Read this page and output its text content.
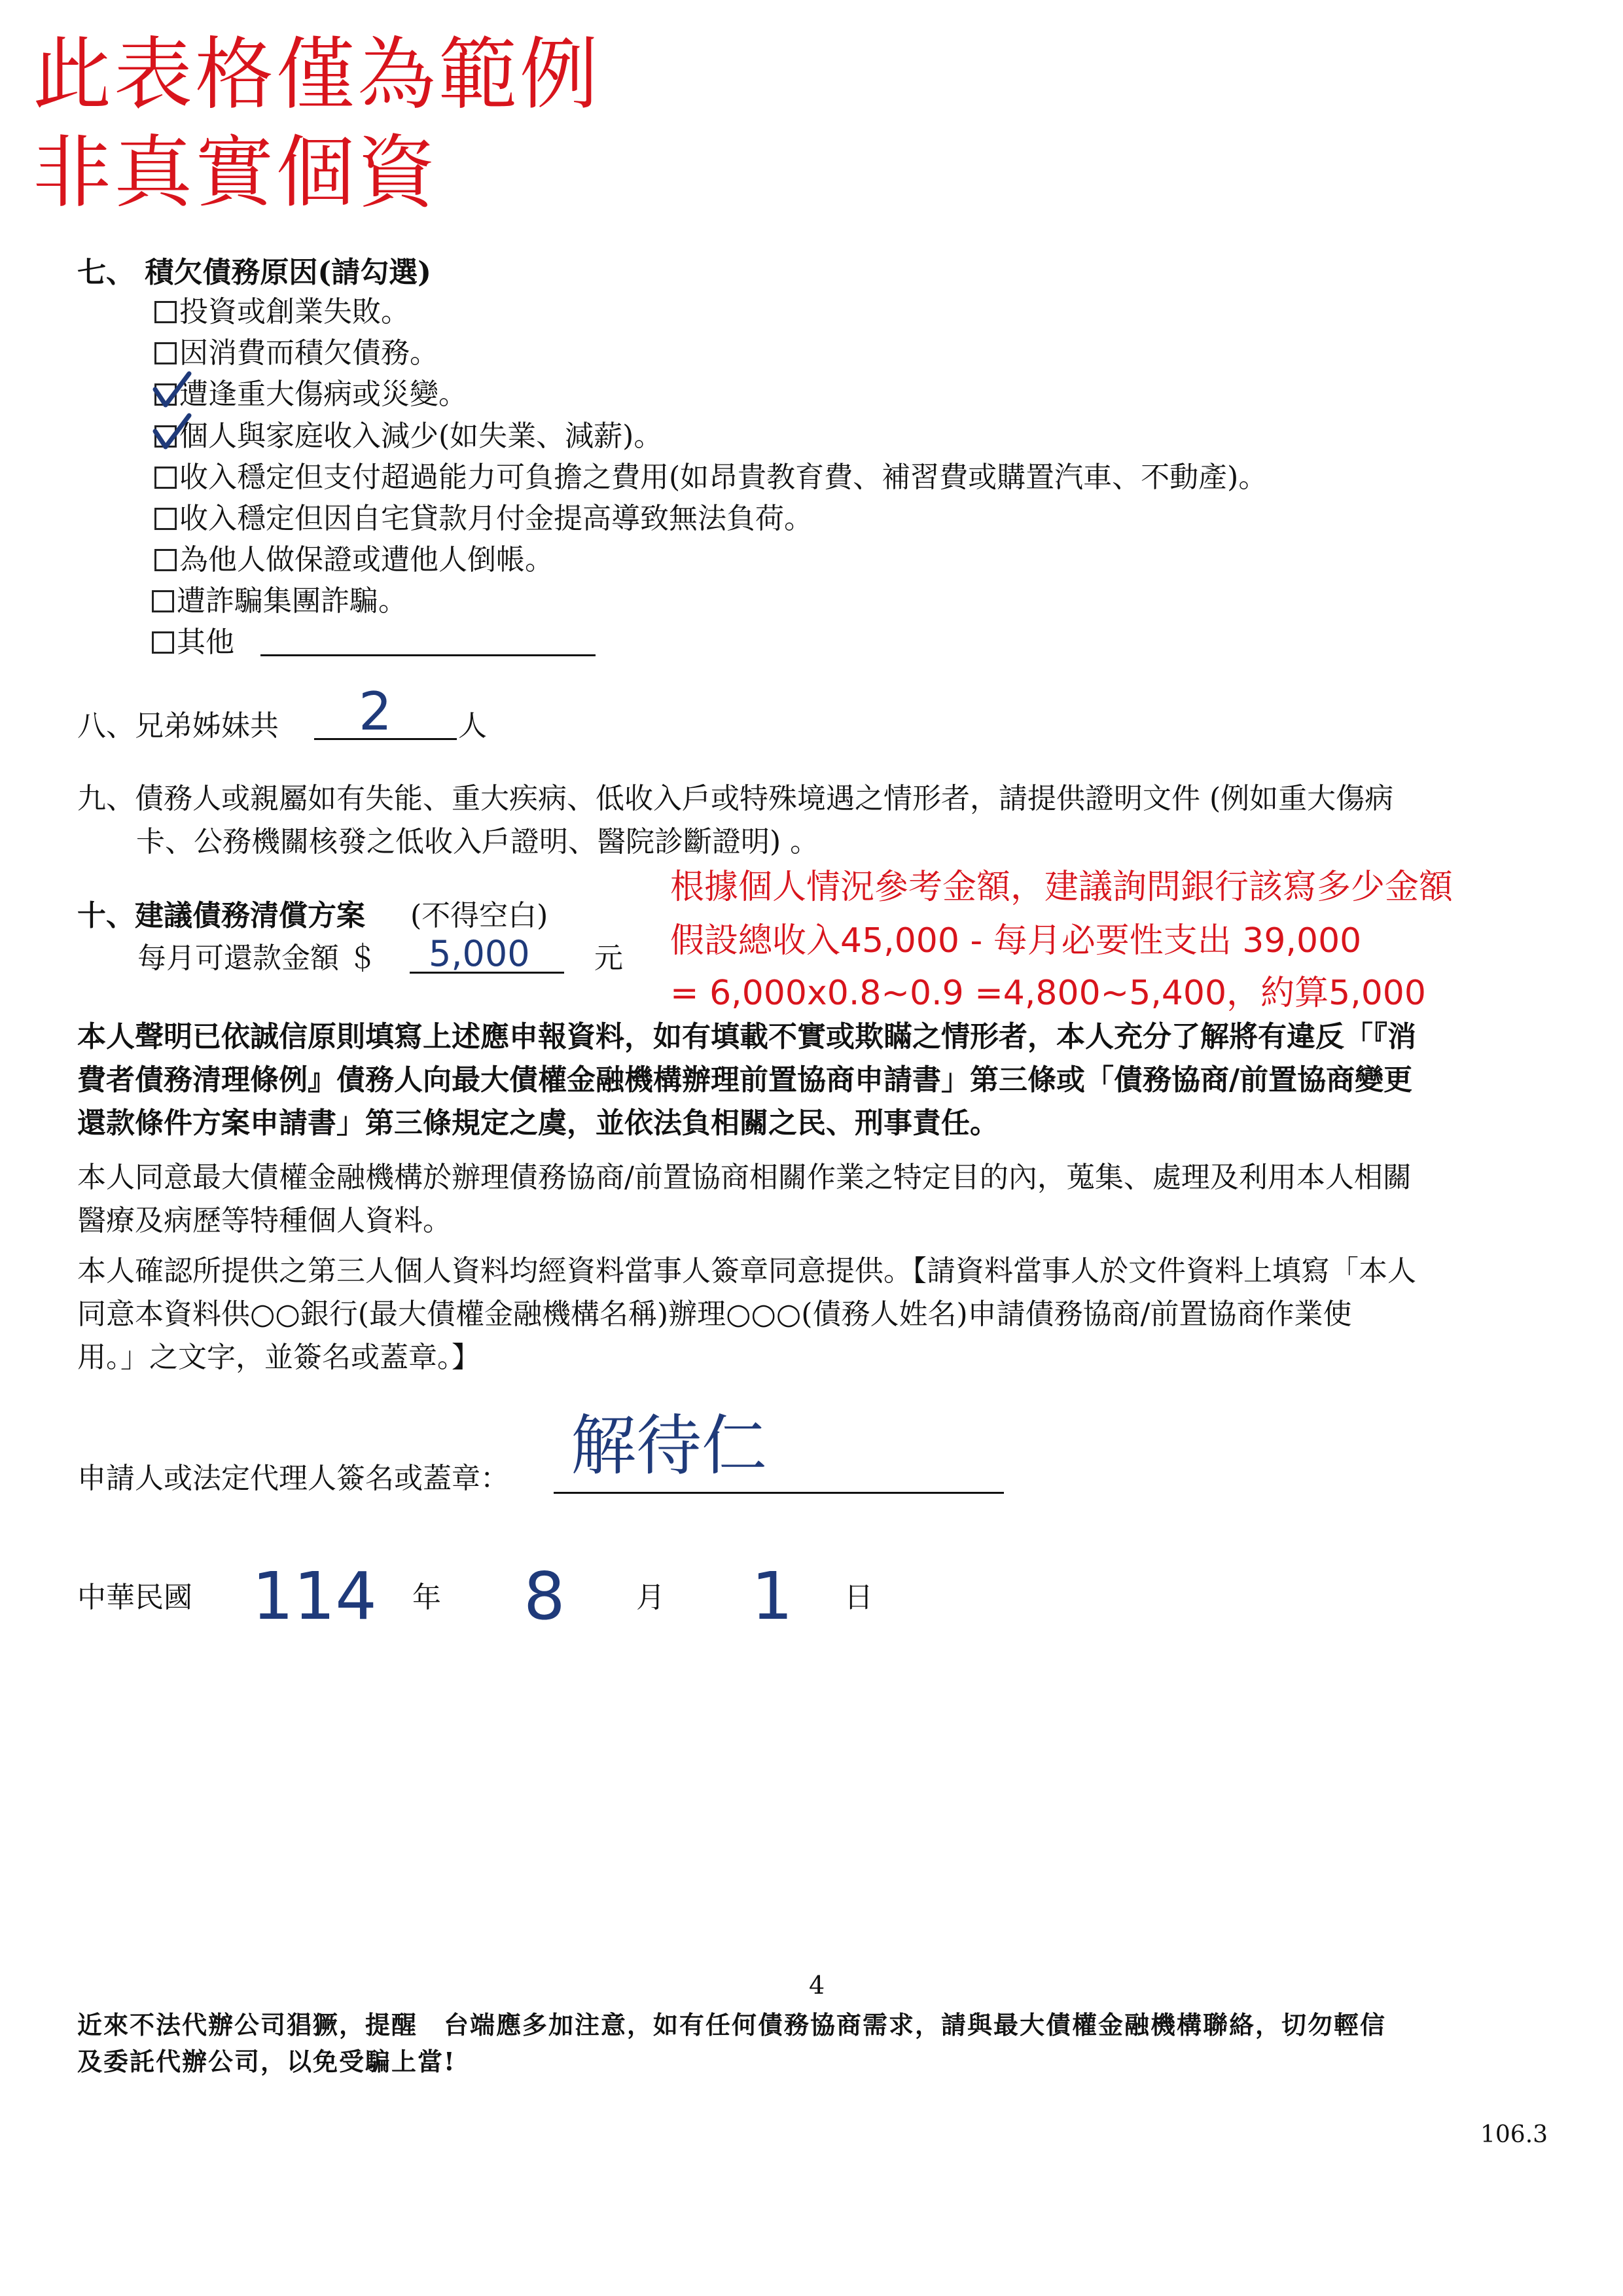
此表格僅為範例
非真實個資
七、 積欠債務原因(請勾選)
投資或創業失敗。
因消費而積欠債務。
遭逢重大傷病或災變。
個人與家庭收入減少(如失業、減薪)。
收入穩定但支付超過能力可負擔之費用(如昂貴教育費、補習費或購置汽車、不動產)。
收入穩定但因自宅貸款月付金提高導致無法負荷。
為他人做保證或遭他人倒帳。
遭詐騙集團詐騙。
其他
八、兄弟姊妹共 2 人
九、債務人或親屬如有失能、重大疾病、低收入戶或特殊境遇之情形者，請提供證明文件 (例如重大傷病
卡、公務機關核發之低收入戶證明、醫院診斷證明) 。
十、建議債務清償方案 (不得空白)
每月可還款金額 ＄ 5,000 元
根據個人情況參考金額，建議詢問銀行該寫多少金額
假設總收入45,000 - 每月必要性支出 39,000
= 6,000x0.8~0.9 =4,800~5,400，約算5,000
本人聲明已依誠信原則填寫上述應申報資料，如有填載不實或欺瞞之情形者，本人充分了解將有違反「『消
費者債務清理條例』債務人向最大債權金融機構辦理前置協商申請書」第三條或「債務協商/前置協商變更
還款條件方案申請書」第三條規定之虞，並依法負相關之民、刑事責任。
本人同意最大債權金融機構於辦理債務協商/前置協商相關作業之特定目的內，蒐集、處理及利用本人相關
醫療及病歷等特種個人資料。
本人確認所提供之第三人個人資料均經資料當事人簽章同意提供。【請資料當事人於文件資料上填寫「本人
同意本資料供○○銀行(最大債權金融機構名稱)辦理○○○(債務人姓名)申請債務協商/前置協商作業使
用。」之文字，並簽名或蓋章。】
申請人或法定代理人簽名或蓋章： 解待仁
中華民國 114 年 8 月 1 日
4
近來不法代辦公司猖獗，提醒　台端應多加注意，如有任何債務協商需求，請與最大債權金融機構聯絡，切勿輕信
及委託代辦公司，以免受騙上當!
106.3
